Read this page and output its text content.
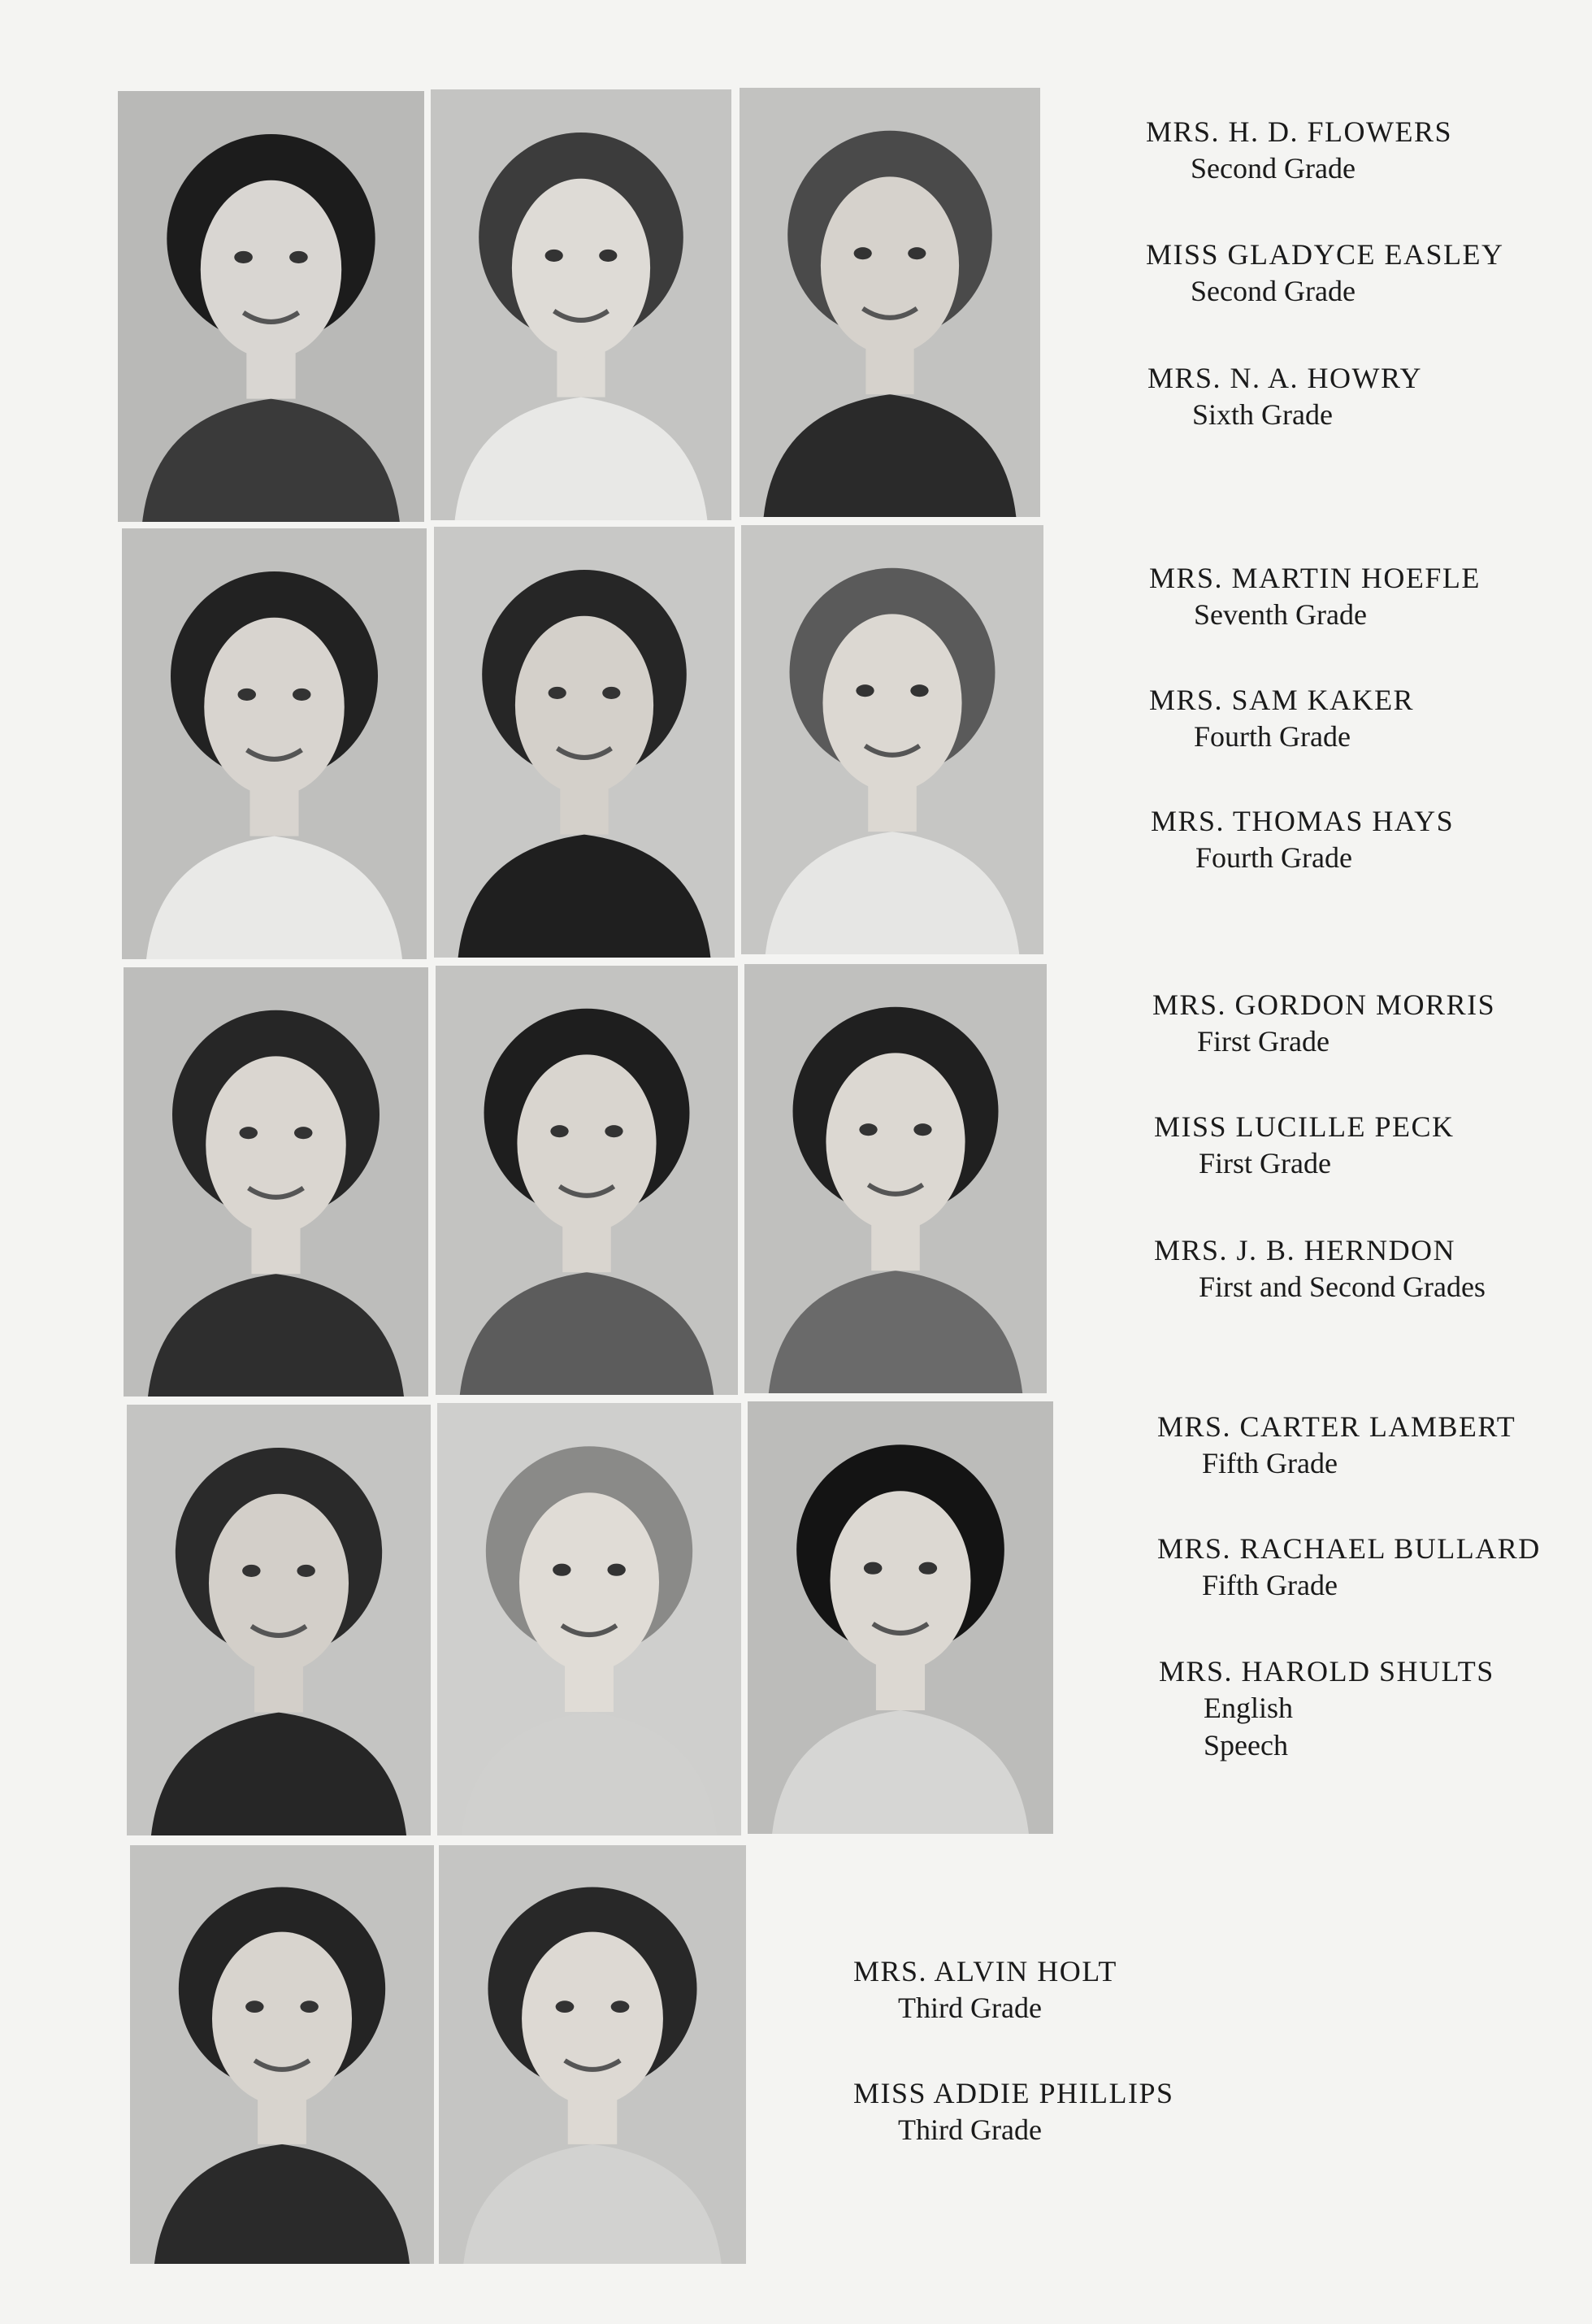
MRS. H. D. FLOWERS
Second Grade
MISS GLADYCE EASLEY
Second Grade
MRS. N. A. HOWRY
Sixth Grade
MRS. MARTIN HOEFLE
Seventh Grade
MRS. SAM KAKER
Fourth Grade
MRS. THOMAS HAYS
Fourth Grade
MRS. GORDON MORRIS
First Grade
MISS LUCILLE PECK
First Grade
MRS. J. B. HERNDON
First and Second Grades
MRS. CARTER LAMBERT
Fifth Grade
MRS. RACHAEL BULLARD
Fifth Grade
MRS. HAROLD SHULTS
English
Speech
MRS. ALVIN HOLT
Third Grade
MISS ADDIE PHILLIPS
Third Grade
